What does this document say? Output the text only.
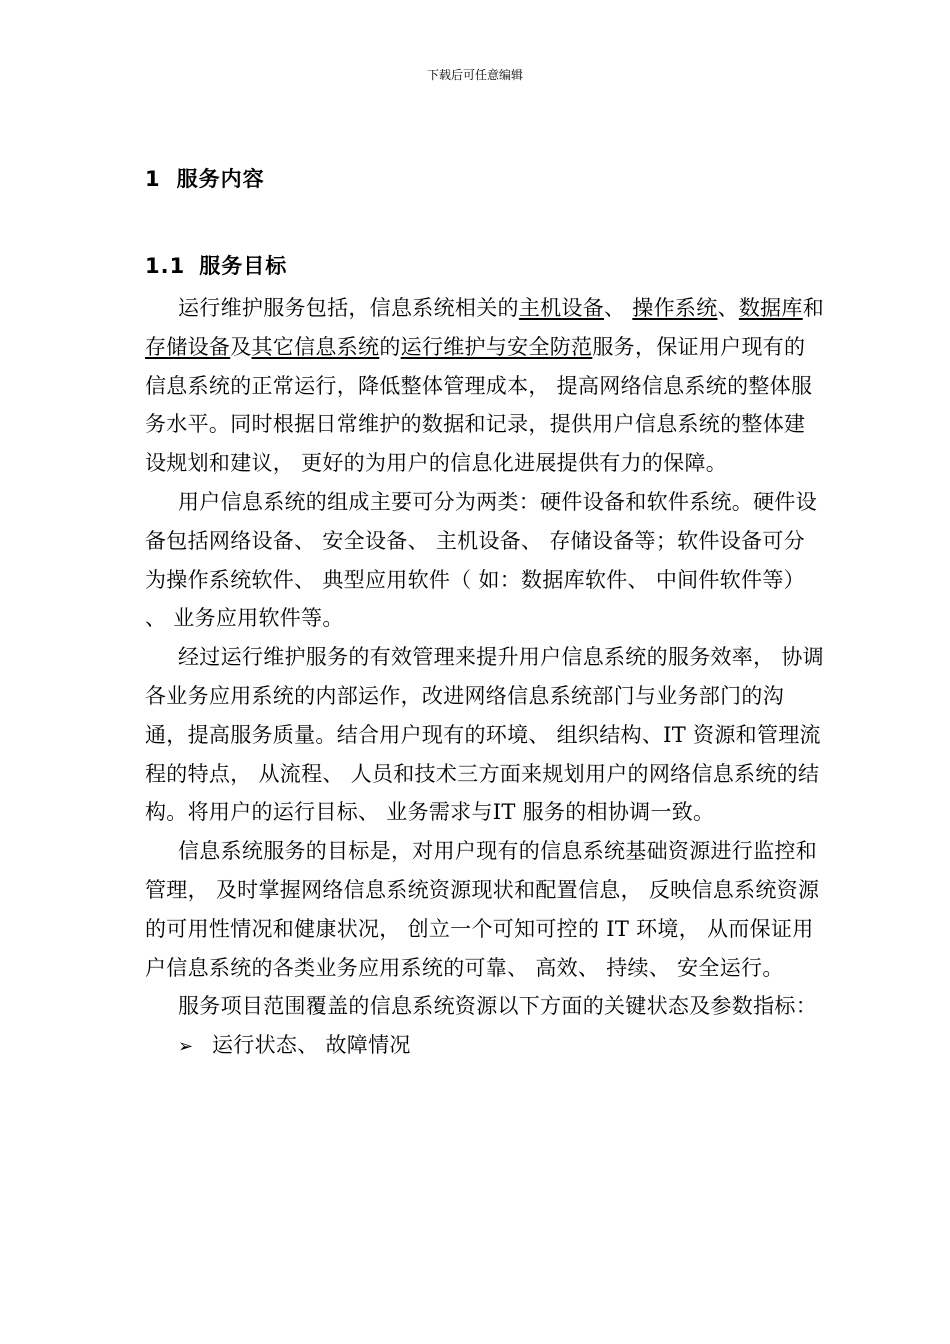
下载后可任意编辑
1 服务内容
1.1 服务目标

运行维护服务包括，信息系统相关的主机设备、 操作系统、数据库和存储设备及其它信息系统的运行维护与安全防范服务，保证用户现有的信息系统的正常运行，降低整体管理成本， 提高网络信息系统的整体服务水平。同时根据日常维护的数据和记录，提供用户信息系统的整体建设规划和建议， 更好的为用户的信息化进展提供有力的保障。

用户信息系统的组成主要可分为两类：硬件设备和软件系统。硬件设备包括网络设备、 安全设备、 主机设备、 存储设备等；软件设备可分为操作系统软件、 典型应用软件（ 如：数据库软件、 中间件软件等） 、 业务应用软件等。

经过运行维护服务的有效管理来提升用户信息系统的服务效率， 协调各业务应用系统的内部运作，改进网络信息系统部门与业务部门的沟通，提高服务质量。结合用户现有的环境、 组织结构、IT 资源和管理流程的特点， 从流程、 人员和技术三方面来规划用户的网络信息系统的结构。将用户的运行目标、 业务需求与IT 服务的相协调一致。

信息系统服务的目标是，对用户现有的信息系统基础资源进行监控和管理， 及时掌握网络信息系统资源现状和配置信息， 反映信息系统资源的可用性情况和健康状况， 创立一个可知可控的 IT 环境， 从而保证用户信息系统的各类业务应用系统的可靠、 高效、 持续、 安全运行。

服务项目范围覆盖的信息系统资源以下方面的关键状态及参数指标：

➢ 运行状态、 故障情况
